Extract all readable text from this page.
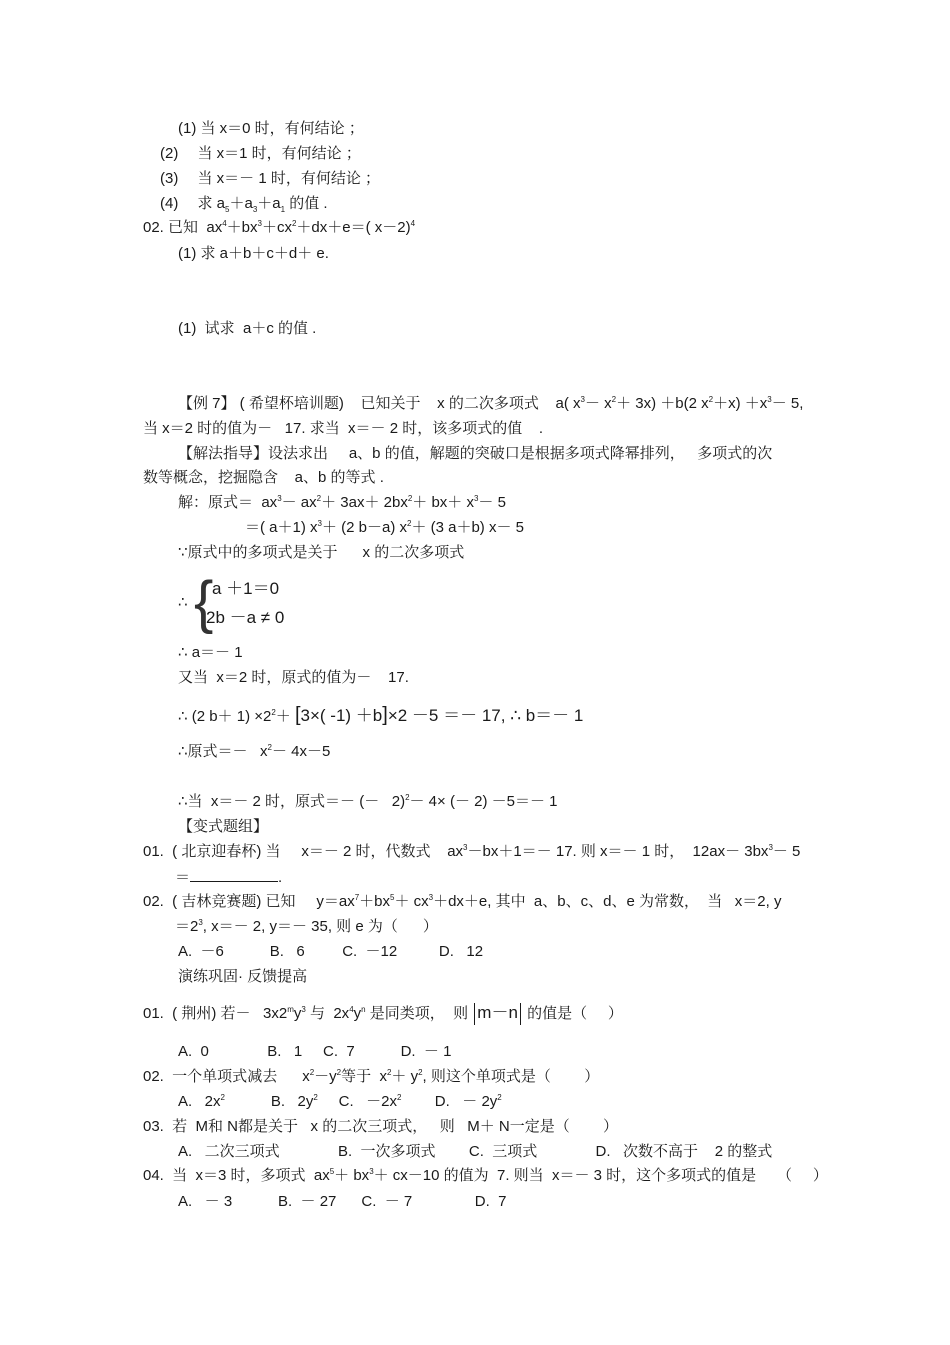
(1) 当 x＝0 时，有何结论 ；
(2)　 当 x＝1 时，有何结论 ；
(3)　 当 x＝－ 1 时，有何结论 ；
(4)　 求 $a_5+a_3+a_1$ 的值 .
02. 已知  $ax^4+bx^3+cx^2+dx+e=$( x－2)$^4$
(1) 求 a＋b＋c＋d＋ e.
(1)  试求  a＋c 的值 .
【例 7】 ( 希望杯培训题)    已知关于    x 的二次多项式    a( $x^3- x^2+ 3x) +b(2$ $x^2+x) +x^3- 5$,
当 x＝2 时的值为－   17. 求当  x＝－ 2 时，该多项式的值    .
【解法指导】设法求出     a、b 的值，解题的突破口是根据多项式降幂排列，   多项式的次
数等概念，挖掘隐含    a、b 的等式 .
解：原式＝  $ax^3- ax^2+ 3ax+ 2bx^2+ bx+ x^3- 5$
＝( a＋1) $x^3+ (2$ b－a) $x^2+ (3$ a＋b) x－ 5
∵原式中的多项式是关于      x 的二次多项式
∴ {
a ＋1＝0
2b －a ≠ 0
∴ a＝－ 1
又当  x＝2 时，原式的值为－    17.
∴ (2 $b+ 1) \times 2^2+ [3\times$( -1) ＋b]×2 －5 ＝－ 17, ∴ b＝－ 1
∴原式＝－   $x^2- 4x-5$
∴当  x＝－ 2 时，原式＝－ (－   2)$^2$－ 4× (－ 2) －5＝－ 1
【变式题组】
01.  ( 北京迎春杯) 当     x＝－ 2 时，代数式    $ax^3-bx+1=- 17$. 则 x＝－ 1 时，  $12ax- 3bx^3- 5$
＝	.
02.  ( 吉林竞赛题) 已知     $y=ax^7+bx^5+ cx^3+dx+e$, 其中  a、b、c、d、e 为常数，  当   x＝2, y
$=2^3$, x＝－ 2, y＝－ 35, 则 e 为（      ）
A.  －6           B.   6         C.  －12          D.   12
演练巩固· 反馈提高
01.  ( 荆州) 若－   $3x2^my^3$ 与  $2x^4y^n$ 是同类项，  则 m－n 的值是（     ）
A.  0              B.   1     C.  7           D.  － 1
02.  一个单项式减去      $x^2-y^2$等于  $x^2+ y^2$, 则这个单项式是（        ）
A.   $2x^2$           B.   $2y^2$     C.   $-2x^2$        D.   － $2y^2$
03.  若  M和 N都是关于   x 的二次三项式，   则   M＋ N一定是（        ）
A.   二次三项式              B.  一次多项式        C.  三项式              D.   次数不高于    2 的整式
04.  当  x＝3 时，多项式  $ax^5+ bx^3+ cx-10$ 的值为  7. 则当  x＝－ 3 时，这个多项式的值是     （     ）
A.   － 3           B.  － 27      C.  － 7               D.  7
